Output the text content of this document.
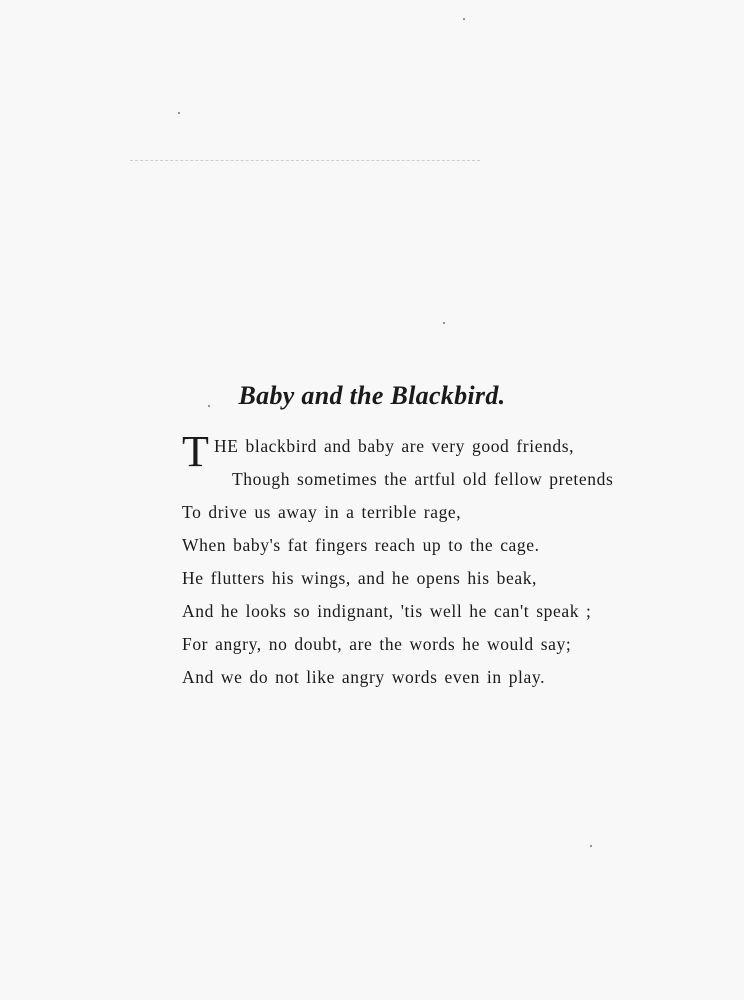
Baby and the Blackbird.
T HE blackbird and baby are very good friends,
Though sometimes the artful old fellow pretends
To drive us away in a terrible rage,
When baby's fat fingers reach up to the cage.
He flutters his wings, and he opens his beak,
And he looks so indignant, 'tis well he can't speak ;
For angry, no doubt, are the words he would say;
And we do not like angry words even in play.
